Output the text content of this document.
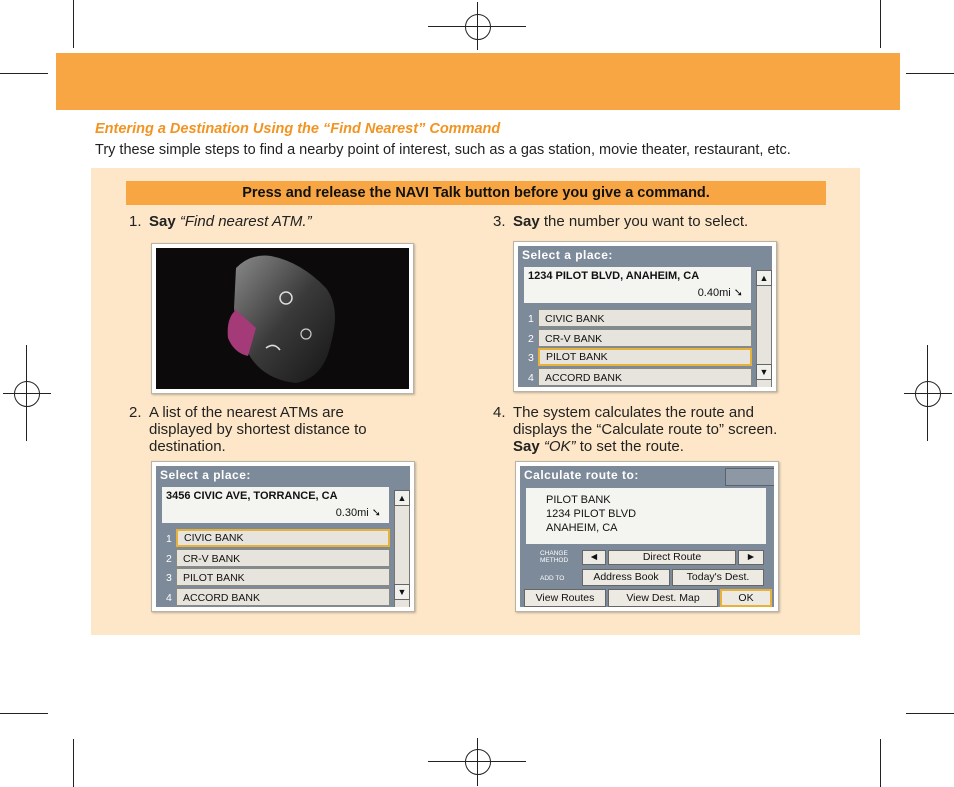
Entering a Destination Using the “Find Nearest” Command
Try these simple steps to find a nearby point of interest, such as a gas station, movie theater, restaurant, etc.
Press and release the NAVI Talk button before you give a command.
1. Say “Find nearest ATM.”
2. A list of the nearest ATMs are
displayed by shortest distance to
destination.
Select a place:
3456 CIVIC AVE, TORRANCE, CA
0.30mi ➘
1	CIVIC BANK
2	CR-V BANK
3	PILOT BANK
4	ACCORD BANK
▲
▼
3. Say the number you want to select.
Select a place:
1234 PILOT BLVD, ANAHEIM, CA
0.40mi ➘
1	CIVIC BANK
2	CR-V BANK
3	PILOT BANK
4	ACCORD BANK
▲
▼
4. The system calculates the route and
displays the “Calculate route to” screen.
Say “OK” to set the route.
Calculate route to:
PILOT BANK
1234 PILOT BLVD
ANAHEIM, CA
CHANGE
METHOD	◄	Direct Route	►
ADD TO	Address Book	Today's Dest.
View Routes	View Dest. Map	OK
